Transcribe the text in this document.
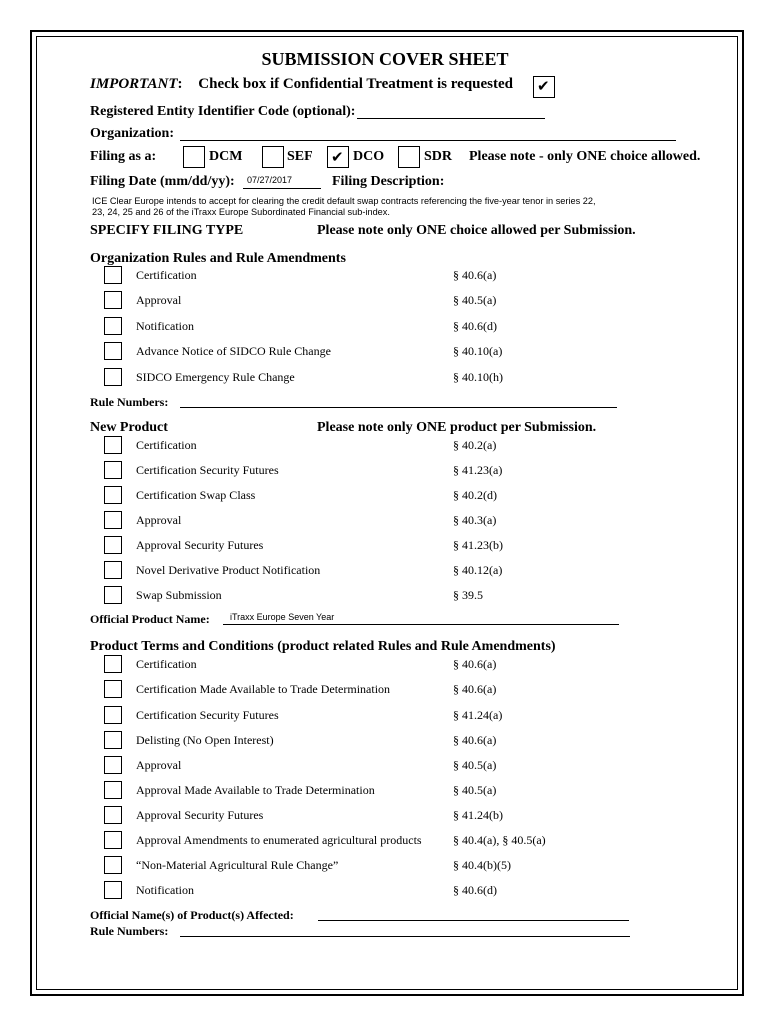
SUBMISSION COVER SHEET
IMPORTANT: Check box if Confidential Treatment is requested ✔
Registered Entity Identifier Code (optional):
Organization:
Filing as a:	DCM	SEF ✔ DCO	SDR Please note - only ONE choice allowed.
Filing Date (mm/dd/yy): 07/27/2017	Filing Description:
ICE Clear Europe intends to accept for clearing the credit default swap contracts referencing the five-year tenor in series 22,
23, 24, 25 and 26 of the iTraxx Europe Subordinated Financial sub-index.
SPECIFY FILING TYPE	Please note only ONE choice allowed per Submission.
Organization Rules and Rule Amendments
Certification	§ 40.6(a)
Approval	§ 40.5(a)
Notification	§ 40.6(d)
Advance Notice of SIDCO Rule Change	§ 40.10(a)
SIDCO Emergency Rule Change	§ 40.10(h)
Rule Numbers:
New Product	Please note only ONE product per Submission.
Certification	§ 40.2(a)
Certification Security Futures	§ 41.23(a)
Certification Swap Class	§ 40.2(d)
Approval	§ 40.3(a)
Approval Security Futures	§ 41.23(b)
Novel Derivative Product Notification	§ 40.12(a)
Swap Submission	§ 39.5
Official Product Name: iTraxx Europe Seven Year
Product Terms and Conditions (product related Rules and Rule Amendments)
Certification	§ 40.6(a)
Certification Made Available to Trade Determination	§ 40.6(a)
Certification Security Futures	§ 41.24(a)
Delisting (No Open Interest)	§ 40.6(a)
Approval	§ 40.5(a)
Approval Made Available to Trade Determination	§ 40.5(a)
Approval Security Futures	§ 41.24(b)
Approval Amendments to enumerated agricultural products	§ 40.4(a), § 40.5(a)
“Non-Material Agricultural Rule Change”	§ 40.4(b)(5)
Notification	§ 40.6(d)
Official Name(s) of Product(s) Affected:
Rule Numbers:
